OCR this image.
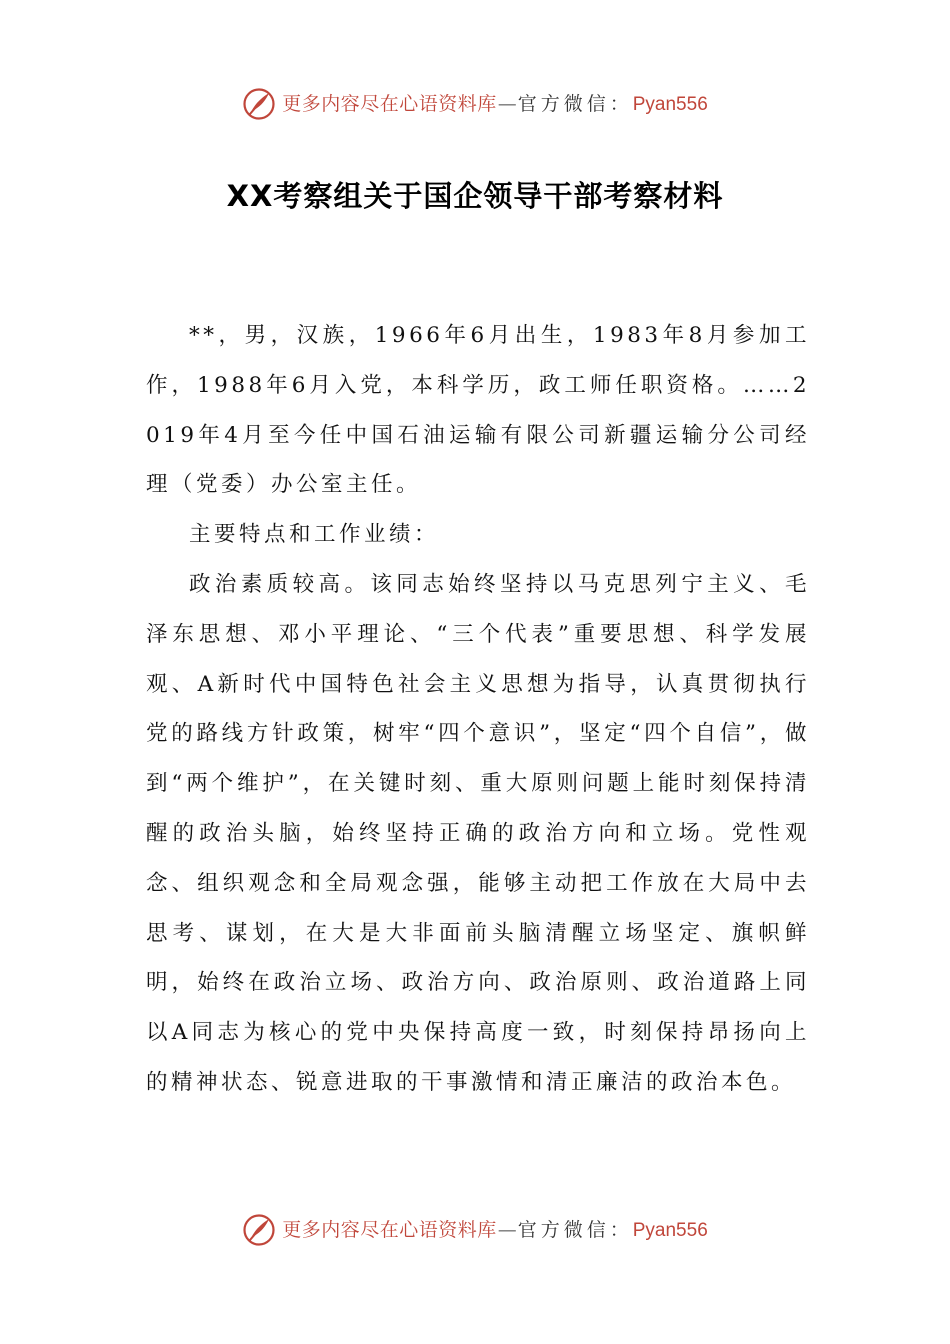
更多内容尽在心语资料库 — 官方微信： Pyan556
XX考察组关于国企领导干部考察材料

**，男，汉族，1966年6月出生，1983年8月参加工作，1988年6月入党，本科学历，政工师任职资格。……2019年4月至今任中国石油运输有限公司新疆运输分公司经理（党委）办公室主任。

主要特点和工作业绩：

政治素质较高。该同志始终坚持以马克思列宁主义、毛泽东思想、邓小平理论、“三个代表”重要思想、科学发展观、A新时代中国特色社会主义思想为指导，认真贯彻执行党的路线方针政策，树牢“四个意识”，坚定“四个自信”，做到“两个维护”，在关键时刻、重大原则问题上能时刻保持清醒的政治头脑，始终坚持正确的政治方向和立场。党性观念、组织观念和全局观念强，能够主动把工作放在大局中去思考、谋划，在大是大非面前头脑清醒立场坚定、旗帜鲜明，始终在政治立场、政治方向、政治原则、政治道路上同以A同志为核心的党中央保持高度一致，时刻保持昂扬向上的精神状态、锐意进取的干事激情和清正廉洁的政治本色。

更多内容尽在心语资料库 — 官方微信： Pyan556
